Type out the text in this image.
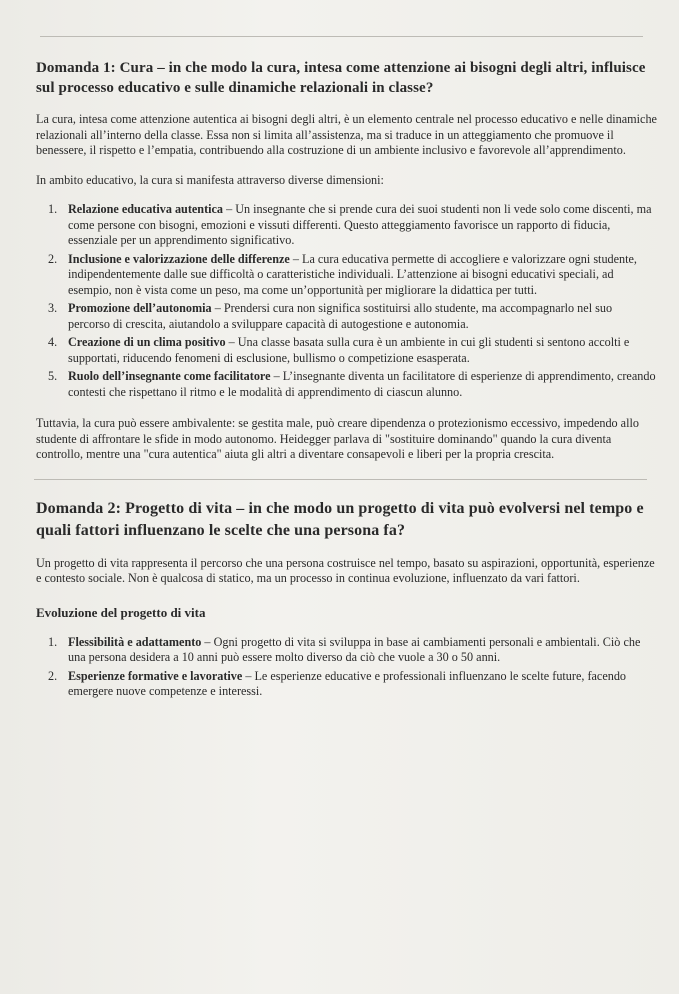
Domanda 1: Cura – in che modo la cura, intesa come attenzione ai bisogni degli altri, influisce sul processo educativo e sulle dinamiche relazionali in classe?

La cura, intesa come attenzione autentica ai bisogni degli altri, è un elemento centrale nel processo educativo e nelle dinamiche relazionali all’interno della classe. Essa non si limita all’assistenza, ma si traduce in un atteggiamento che promuove il benessere, il rispetto e l’empatia, contribuendo alla costruzione di un ambiente inclusivo e favorevole all’apprendimento.

In ambito educativo, la cura si manifesta attraverso diverse dimensioni:

1. Relazione educativa autentica – Un insegnante che si prende cura dei suoi studenti non li vede solo come discenti, ma come persone con bisogni, emozioni e vissuti differenti. Questo atteggiamento favorisce un rapporto di fiducia, essenziale per un apprendimento significativo.
2. Inclusione e valorizzazione delle differenze – La cura educativa permette di accogliere e valorizzare ogni studente, indipendentemente dalle sue difficoltà o caratteristiche individuali. L’attenzione ai bisogni educativi speciali, ad esempio, non è vista come un peso, ma come un’opportunità per migliorare la didattica per tutti.
3. Promozione dell’autonomia – Prendersi cura non significa sostituirsi allo studente, ma accompagnarlo nel suo percorso di crescita, aiutandolo a sviluppare capacità di autogestione e autonomia.
4. Creazione di un clima positivo – Una classe basata sulla cura è un ambiente in cui gli studenti si sentono accolti e supportati, riducendo fenomeni di esclusione, bullismo o competizione esasperata.
5. Ruolo dell’insegnante come facilitatore – L’insegnante diventa un facilitatore di esperienze di apprendimento, creando contesti che rispettano il ritmo e le modalità di apprendimento di ciascun alunno.

Tuttavia, la cura può essere ambivalente: se gestita male, può creare dipendenza o protezionismo eccessivo, impedendo allo studente di affrontare le sfide in modo autonomo. Heidegger parlava di "sostituire dominando" quando la cura diventa controllo, mentre una "cura autentica" aiuta gli altri a diventare consapevoli e liberi per la propria crescita.

Domanda 2: Progetto di vita – in che modo un progetto di vita può evolversi nel tempo e quali fattori influenzano le scelte che una persona fa?

Un progetto di vita rappresenta il percorso che una persona costruisce nel tempo, basato su aspirazioni, opportunità, esperienze e contesto sociale. Non è qualcosa di statico, ma un processo in continua evoluzione, influenzato da vari fattori.

Evoluzione del progetto di vita
1. Flessibilità e adattamento – Ogni progetto di vita si sviluppa in base ai cambiamenti personali e ambientali. Ciò che una persona desidera a 10 anni può essere molto diverso da ciò che vuole a 30 o 50 anni.
2. Esperienze formative e lavorative – Le esperienze educative e professionali influenzano le scelte future, facendo emergere nuove competenze e interessi.
